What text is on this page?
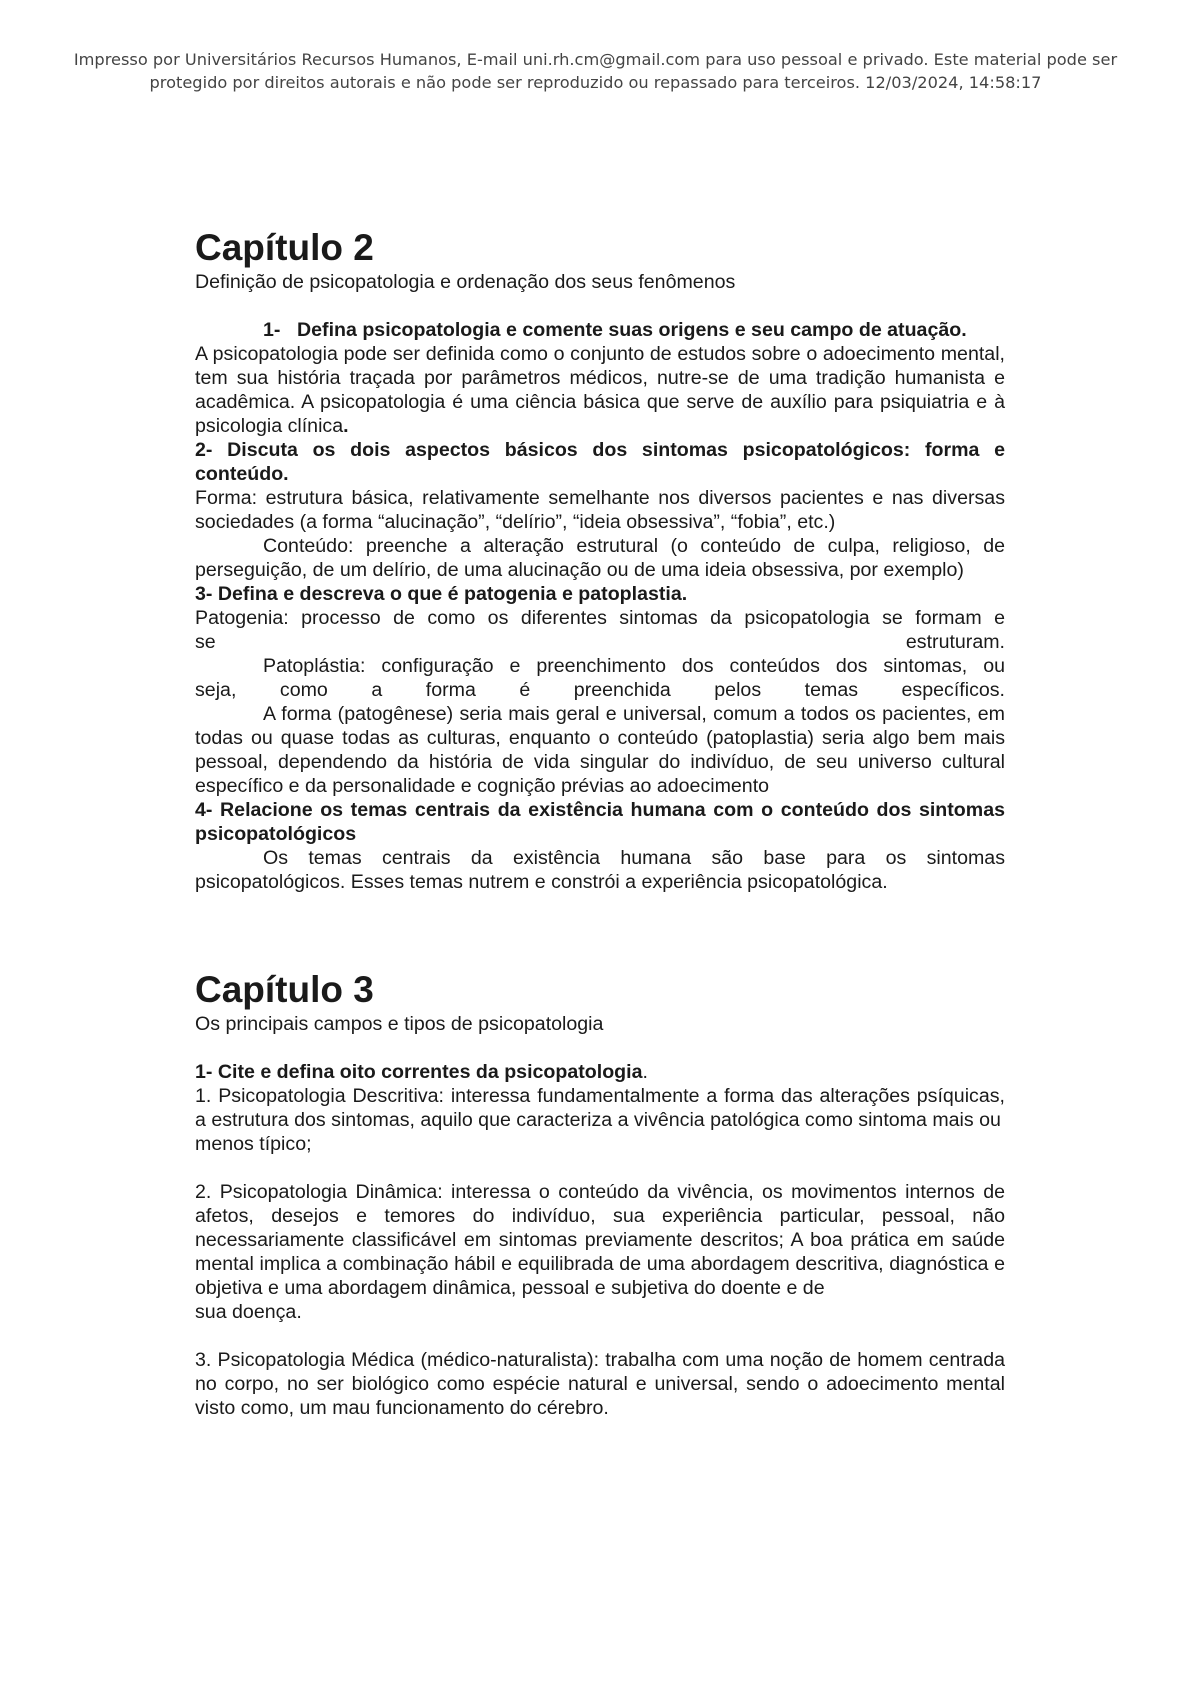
Impresso por Universitários Recursos Humanos, E-mail uni.rh.cm@gmail.com para uso pessoal e privado. Este material pode ser
protegido por direitos autorais e não pode ser reproduzido ou repassado para terceiros. 12/03/2024, 14:58:17
Capítulo 2

Definição de psicopatologia e ordenação dos seus fenômenos

1- Defina psicopatologia e comente suas origens e seu campo de atuação.

A psicopatologia pode ser definida como o conjunto de estudos sobre o adoecimento mental, tem sua história traçada por parâmetros médicos, nutre-se de uma tradição humanista e acadêmica. A psicopatologia é uma ciência básica que serve de auxílio para psiquiatria e à psicologia clínica.

2- Discuta os dois aspectos básicos dos sintomas psicopatológicos: forma e conteúdo.

Forma: estrutura básica, relativamente semelhante nos diversos pacientes e nas diversas sociedades (a forma “alucinação”, “delírio”, “ideia obsessiva”, “fobia”, etc.)

Conteúdo: preenche a alteração estrutural (o conteúdo de culpa, religioso, de perseguição, de um delírio, de uma alucinação ou de uma ideia obsessiva, por exemplo)

3- Defina e descreva o que é patogenia e patoplastia.

Patogenia: processo de como os diferentes sintomas da psicopatologia se formam e

se estruturam.

Patoplástia: configuração e preenchimento dos conteúdos dos sintomas, ou

seja, como a forma é preenchida pelos temas específicos.

A forma (patogênese) seria mais geral e universal, comum a todos os pacientes, em todas ou quase todas as culturas, enquanto o conteúdo (patoplastia) seria algo bem mais pessoal, dependendo da história de vida singular do indivíduo, de seu universo cultural específico e da personalidade e cognição prévias ao adoecimento

4- Relacione os temas centrais da existência humana com o conteúdo dos sintomas psicopatológicos

Os temas centrais da existência humana são base para os sintomas psicopatológicos. Esses temas nutrem e constrói a experiência psicopatológica.

Capítulo 3

Os principais campos e tipos de psicopatologia

1- Cite e defina oito correntes da psicopatologia.

1. Psicopatologia Descritiva: interessa fundamentalmente a forma das alterações psíquicas, a estrutura dos sintomas, aquilo que caracteriza a vivência patológica como sintoma mais ou

menos típico;

2. Psicopatologia Dinâmica: interessa o conteúdo da vivência, os movimentos internos de afetos, desejos e temores do indivíduo, sua experiência particular, pessoal, não necessariamente classificável em sintomas previamente descritos; A boa prática em saúde mental implica a combinação hábil e equilibrada de uma abordagem descritiva, diagnóstica e objetiva e uma abordagem dinâmica, pessoal e subjetiva do doente e de

sua doença.

3. Psicopatologia Médica (médico-naturalista): trabalha com uma noção de homem centrada no corpo, no ser biológico como espécie natural e universal, sendo o adoecimento mental visto como, um mau funcionamento do cérebro.
